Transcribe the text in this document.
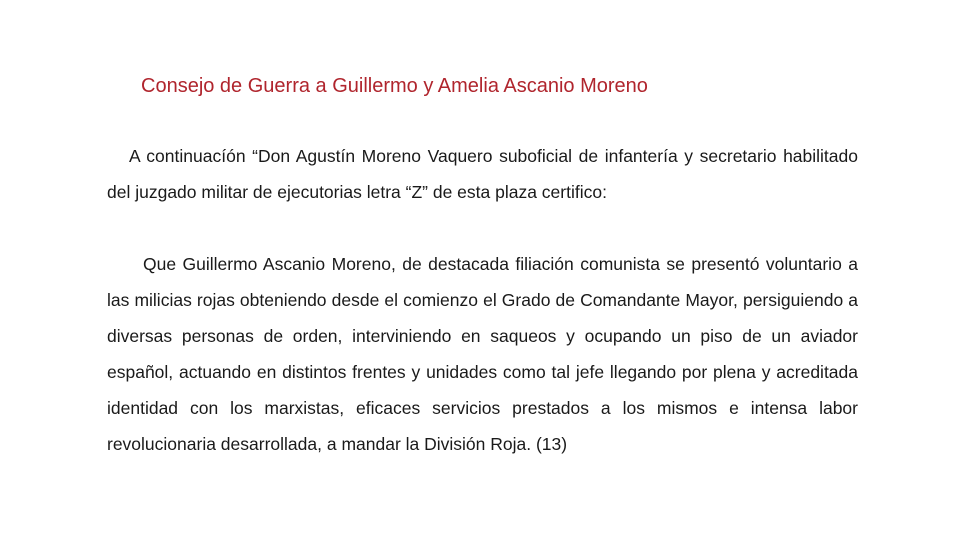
Consejo de Guerra a Guillermo y Amelia Ascanio Moreno

A continuacíón “Don Agustín Moreno Vaquero suboficial de infantería y secretario habilitado del juzgado militar de ejecutorias letra “Z” de esta plaza certifico:

Que Guillermo Ascanio Moreno, de destacada filiación comunista se presentó voluntario a las milicias rojas obteniendo desde el comienzo el Grado de Comandante Mayor, persiguiendo a diversas personas de orden, interviniendo en saqueos y ocupando un piso de un aviador español, actuando en distintos frentes y unidades como tal jefe llegando por plena y acreditada identidad con los marxistas, eficaces servicios prestados a los mismos e intensa labor revolucionaria desarrollada, a mandar la División Roja. (13)
